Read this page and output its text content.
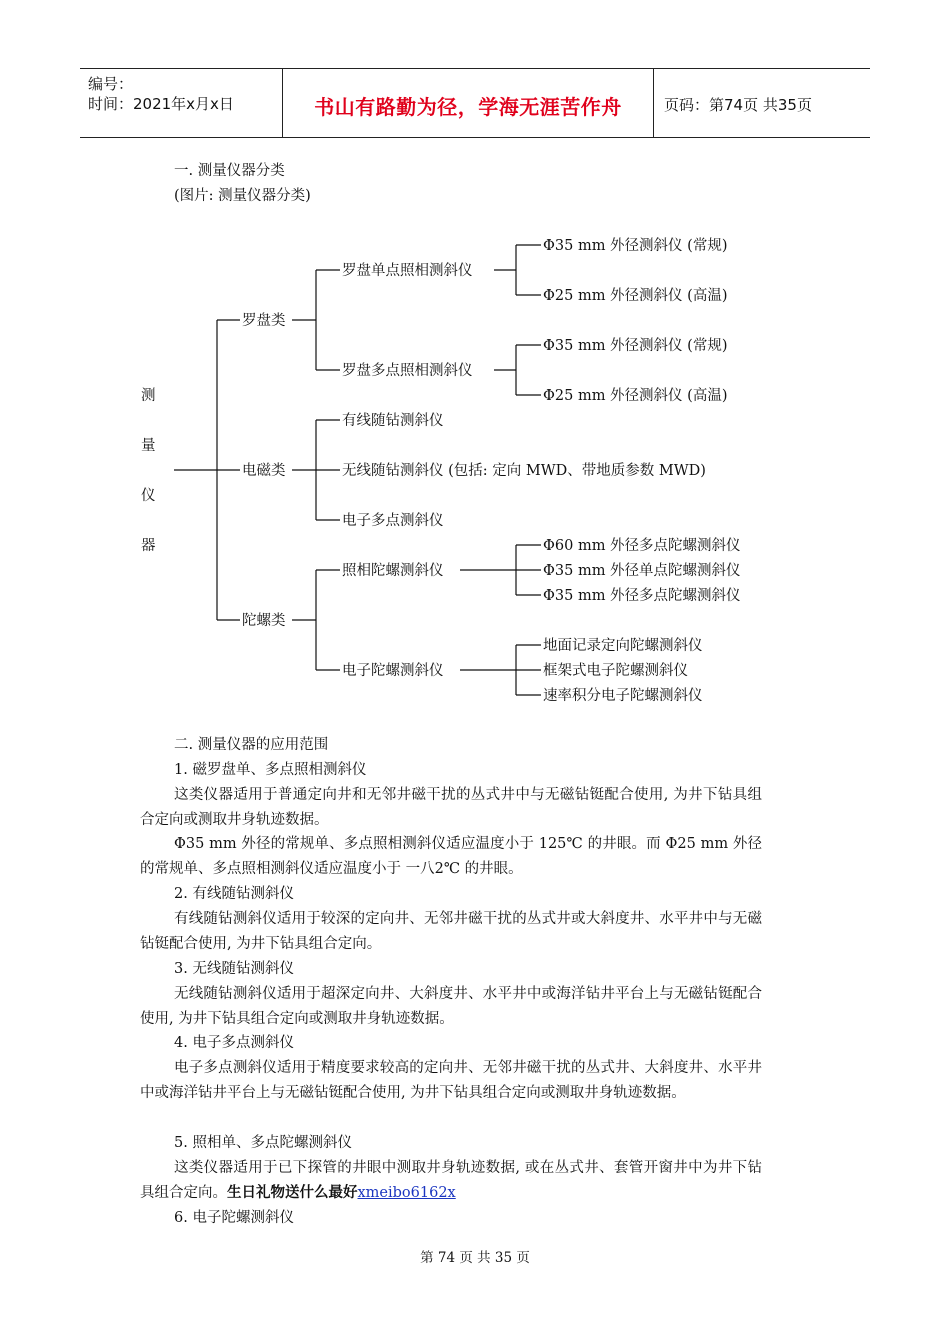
编号：
时间：2021年x月x日	书山有路勤为径，学海无涯苦作舟	页码：第74页 共35页
一. 测量仪器分类
(图片: 测量仪器分类)
测
量
仪
器
罗盘类
电磁类
陀螺类
罗盘单点照相测斜仪
罗盘多点照相测斜仪
有线随钻测斜仪
无线随钻测斜仪 (包括: 定向 MWD、带地质参数 MWD)
电子多点测斜仪
照相陀螺测斜仪
电子陀螺测斜仪
Φ35 mm 外径测斜仪 (常规)
Φ25 mm 外径测斜仪 (高温)
Φ35 mm 外径测斜仪 (常规)
Φ25 mm 外径测斜仪 (高温)
Φ60 mm 外径多点陀螺测斜仪
Φ35 mm 外径单点陀螺测斜仪
Φ35 mm 外径多点陀螺测斜仪
地面记录定向陀螺测斜仪
框架式电子陀螺测斜仪
速率积分电子陀螺测斜仪
二. 测量仪器的应用范围
1. 磁罗盘单、多点照相测斜仪
这类仪器适用于普通定向井和无邻井磁干扰的丛式井中与无磁钻铤配合使用, 为井下钻具组合定向或测取井身轨迹数据。
Φ35 mm 外径的常规单、多点照相测斜仪适应温度小于 125℃ 的井眼。而 Φ25 mm 外径的常规单、多点照相测斜仪适应温度小于 一八2℃ 的井眼。
2. 有线随钻测斜仪
有线随钻测斜仪适用于较深的定向井、无邻井磁干扰的丛式井或大斜度井、水平井中与无磁钻铤配合使用, 为井下钻具组合定向。
3. 无线随钻测斜仪
无线随钻测斜仪适用于超深定向井、大斜度井、水平井中或海洋钻井平台上与无磁钻铤配合使用, 为井下钻具组合定向或测取井身轨迹数据。
4. 电子多点测斜仪
电子多点测斜仪适用于精度要求较高的定向井、无邻井磁干扰的丛式井、大斜度井、水平井中或海洋钻井平台上与无磁钻铤配合使用, 为井下钻具组合定向或测取井身轨迹数据。
5. 照相单、多点陀螺测斜仪
这类仪器适用于已下探管的井眼中测取井身轨迹数据, 或在丛式井、套管开窗井中为井下钻具组合定向。生日礼物送什么最好xmeibo6162x
6. 电子陀螺测斜仪
第 74 页 共 35 页
